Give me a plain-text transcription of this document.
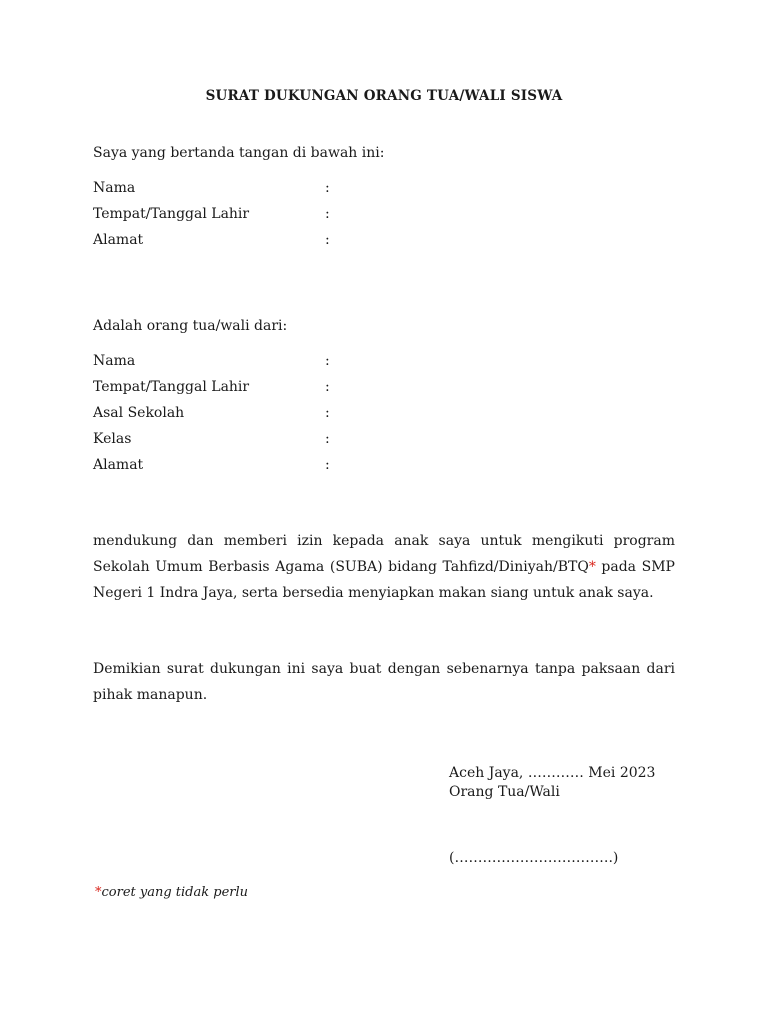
SURAT DUKUNGAN ORANG TUA/WALI SISWA
Saya yang bertanda tangan di bawah ini:
Nama	:
Tempat/Tanggal Lahir	:
Alamat	:
Adalah orang tua/wali dari:
Nama	:
Tempat/Tanggal Lahir	:
Asal Sekolah	:
Kelas	:
Alamat	:
mendukung dan memberi izin kepada anak saya untuk mengikuti program Sekolah Umum Berbasis Agama (SUBA) bidang Tahfizd/Diniyah/BTQ* pada SMP Negeri 1 Indra Jaya, serta bersedia menyiapkan makan siang untuk anak saya.
Demikian surat dukungan ini saya buat dengan sebenarnya tanpa paksaan dari pihak manapun.
Aceh Jaya, ………… Mei 2023
Orang Tua/Wali
(…………………………….)
*coret yang tidak perlu
